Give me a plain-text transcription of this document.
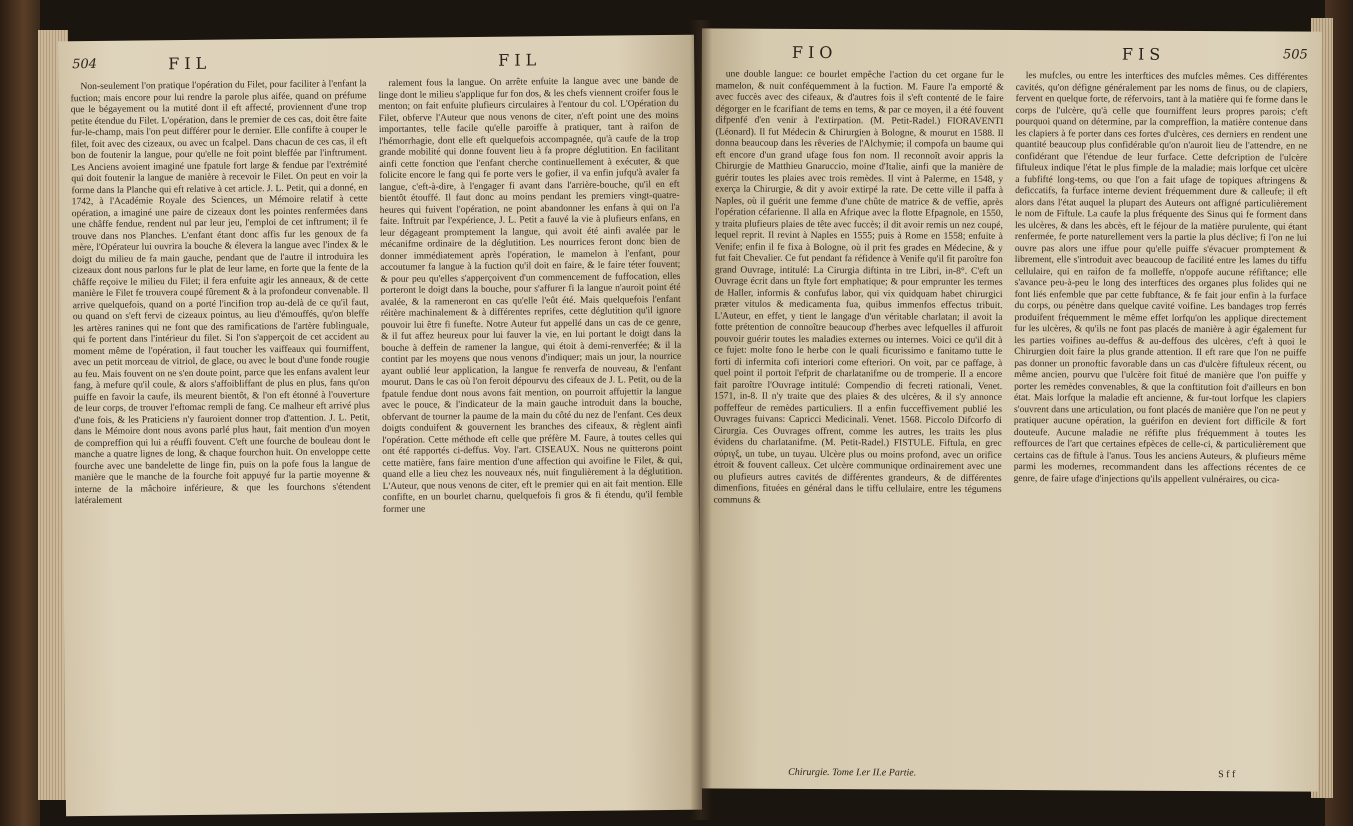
504	FIL	FIL

Non-seulement l'on pratique l'opération du Filet, pour faciliter à l'enfant la fuction; mais encore pour lui rendre la parole plus aifée, quand on préfume que le bégayement ou la mutité dont il eft affecté, proviennent d'une trop petite étendue du Filet. L'opération, dans le premier de ces cas, doit être faite fur-le-champ, mais l'on peut différer pour le dernier. Elle confifte à couper le filet, foit avec des cizeaux, ou avec un fcalpel. Dans chacun de ces cas, il eft bon de foutenir la langue, pour qu'elle ne foit point bleffée par l'inftrument. Les Anciens avoient imaginé une fpatule fort large & fendue par l'extrémité qui doit foutenir la langue de manière à recevoir le Filet. On peut en voir la forme dans la Planche qui eft relative à cet article. J. L. Petit, qui a donné, en 1742, à l'Académie Royale des Sciences, un Mémoire relatif à cette opération, a imaginé une paire de cizeaux dont les pointes renfermées dans une châffe fendue, rendent nul par leur jeu, l'emploi de cet inftrument; il fe trouve dans nos Planches. L'enfant étant donc affis fur les genoux de fa mère, l'Opérateur lui ouvrira la bouche & élevera la langue avec l'index & le doigt du milieu de fa main gauche, pendant que de l'autre il introduira les cizeaux dont nous parlons fur le plat de leur lame, en forte que la fente de la châffe reçoive le milieu du Filet; il fera enfuite agir les anneaux, & de cette manière le Filet fe trouvera coupé fûrement & à la profondeur convenable. Il arrive quelquefois, quand on a porté l'incifion trop au-delà de ce qu'il faut, ou quand on s'eft fervi de cizeaux pointus, au lieu d'émouffés, qu'on bleffe les artères ranines qui ne font que des ramifications de l'artère fublinguale, qui fe portent dans l'intérieur du filet. Si l'on s'apperçoit de cet accident au moment même de l'opération, il faut toucher les vaiffeaux qui fourniffent, avec un petit morceau de vitriol, de glace, ou avec le bout d'une fonde rougie au feu. Mais fouvent on ne s'en doute point, parce que les enfans avalent leur fang, à mefure qu'il coule, & alors s'affoibliffant de plus en plus, fans qu'on puiffe en favoir la caufe, ils meurent bientôt, & l'on eft étonné à l'ouverture de leur corps, de trouver l'eftomac rempli de fang. Ce malheur eft arrivé plus d'une fois, & les Praticiens n'y fauroient donner trop d'attention. J. L. Petit, dans le Mémoire dont nous avons parlé plus haut, fait mention d'un moyen de compreffion qui lui a réuffi fouvent. C'eft une fourche de bouleau dont le manche a quatre lignes de long, & chaque fourchon huit. On enveloppe cette fourche avec une bandelette de linge fin, puis on la pofe fous la langue de manière que le manche de la fourche foit appuyé fur la partie moyenne & interne de la mâchoire inférieure, & que les fourchons s'étendent latéralement

ralement fous la langue. On arrête enfuite la langue avec une bande de linge dont le milieu s'applique fur fon dos, & les chefs viennent croifer fous le menton; on fait enfuite plufieurs circulaires à l'entour du col. L'Opération du Filet, obferve l'Auteur que nous venons de citer, n'eft point une des moins importantes, telle facile qu'elle paroiffe à pratiquer, tant à raifon de l'hémorrhagie, dont elle eft quelquefois accompagnée, qu'à caufe de la trop grande mobilité qui donne fouvent lieu à fa propre déglutition. En facilitant ainfi cette fonction que l'enfant cherche continuellement à exécuter, & que folicite encore le fang qui fe porte vers le gofier, il va enfin jufqu'à avaler fa langue, c'eft-à-dire, à l'engager fi avant dans l'arrière-bouche, qu'il en eft bientôt étouffé. Il faut donc au moins pendant les premiers vingt-quatre-heures qui fuivent l'opération, ne point abandonner les enfans à qui on l'a faite. Inftruit par l'expérience, J. L. Petit a fauvé la vie à plufieurs enfans, en leur dégageant promptement la langue, qui avoit été ainfi avalée par le mécanifme ordinaire de la déglutition. Les nourrices feront donc bien de donner immédiatement après l'opération, le mamelon à l'enfant, pour accoutumer fa langue à la fuction qu'il doit en faire, & le faire téter fouvent; & pour peu qu'elles s'apperçoivent d'un commencement de fuffocation, elles porteront le doigt dans la bouche, pour s'affurer fi la langue n'auroit point été avalée, & la rameneront en cas qu'elle l'eût été. Mais quelquefois l'enfant réitère machinalement & à différentes reprifes, cette déglutition qu'il ignore pouvoir lui être fi funefte. Notre Auteur fut appellé dans un cas de ce genre, & il fut affez heureux pour lui fauver la vie, en lui portant le doigt dans la bouche à deffein de ramener la langue, qui étoit à demi-renverfée; & il la contint par les moyens que nous venons d'indiquer; mais un jour, la nourrice ayant oublié leur application, la langue fe renverfa de nouveau, & l'enfant mourut. Dans le cas où l'on feroit dépourvu des cifeaux de J. L. Petit, ou de la fpatule fendue dont nous avons fait mention, on pourroit affujettir la langue avec le pouce, & l'indicateur de la main gauche introduit dans la bouche, obfervant de tourner la paume de la main du côté du nez de l'enfant. Ces deux doigts conduifent & gouvernent les branches des cifeaux, & règlent ainfi l'opération. Cette méthode eft celle que préfère M. Faure, à toutes celles qui ont été rapportés ci-deffus. Voy. l'art. CISEAUX. Nous ne quitterons point cette matière, fans faire mention d'une affection qui avoifine le Filet, & qui, quand elle a lieu chez les nouveaux nés, nuit fingulièrement à la déglutition. L'Auteur, que nous venons de citer, eft le premier qui en ait fait mention. Elle confifte, en un bourlet charnu, quelquefois fi gros & fi étendu, qu'il femble former une

FIO	FIS	505

une double langue: ce bourlet empêche l'action du cet organe fur le mamelon, & nuit conféquemment à la fuction. M. Faure l'a emporté & avec fuccès avec des cifeaux, & d'autres fois il s'eft contenté de le faire dégorger en le fcarifiant de tems en tems, & par ce moyen, il a été fouvent difpenfé d'en venir à l'extirpation. (M. Petit-Radel.) FIORAVENTI (Léonard). Il fut Médecin & Chirurgien à Bologne, & mourut en 1588. Il donna beaucoup dans les rêveries de l'Alchymie; il compofa un baume qui eft encore d'un grand ufage fous fon nom. Il reconnoît avoir appris la Chirurgie de Matthieu Gnaruccio, moine d'Italie, ainfi que la manière de guérir toutes les plaies avec trois remèdes. Il vint à Palerme, en 1548, y exerça la Chirurgie, & dit y avoir extirpé la rate. De cette ville il paffa à Naples, où il guérit une femme d'une chûte de matrice & de veffie, après l'opération céfarienne. Il alla en Afrique avec la flotte Efpagnole, en 1550, y traita plufieurs plaies de tête avec fuccès; il dit avoir remis un nez coupé, lequel reprit. Il revint à Naples en 1555; puis à Rome en 1558; enfuite à Venife; enfin il fe fixa à Bologne, où il prit fes grades en Médecine, & y fut fait Chevalier. Ce fut pendant fa réfidence à Venife qu'il fit paroître fon grand Ouvrage, intitulé: La Cirurgia diftinta in tre Libri, in-8°. C'eft un Ouvrage écrit dans un ftyle fort emphatique; & pour emprunter les termes de Haller, informis & confufus labor, qui vix quidquam habet chirurgici præter vitulos & medicamenta fua, quibus immenfos effectus tribuit. L'Auteur, en effet, y tient le langage d'un véritable charlatan; il avoit la fotte prétention de connoître beaucoup d'herbes avec lefquelles il affuroit pouvoir guérir toutes les maladies externes ou internes. Voici ce qu'il dit à ce fujet: molte fono le herbe con le quali ficurissimo e fanitamo tutte le forti di infermita cofi interiori come efteriori. On voit, par ce paffage, à quel point il portoit l'efprit de charlatanifme ou de tromperie. Il a encore fait paroître l'Ouvrage intitulé: Compendio di fecreti rationali, Venet. 1571, in-8. Il n'y traite que des plaies & des ulcères, & il s'y annonce poffeffeur de remèdes particuliers. Il a enfin fucceffivement publié les Ouvrages fuivans: Capricci Medicinali. Venet. 1568. Piccolo Difcorfo di Cirurgia. Ces Ouvrages offrent, comme les autres, les traits les plus évidens du charlatanifme. (M. Petit-Radel.) FISTULE. Fiftula, en grec σύριγξ, un tube, un tuyau. Ulcère plus ou moins profond, avec un orifice étroit & fouvent calleux. Cet ulcère communique ordinairement avec une ou plufieurs autres cavités de différentes grandeurs, & de différentes dimenfions, fituées en général dans le tiffu cellulaire, entre les tégumens communs &

les mufcles, ou entre les interftices des mufcles mêmes. Ces différentes cavités, qu'on défigne généralement par les noms de finus, ou de clapiers, fervent en quelque forte, de réfervoirs, tant à la matière qui fe forme dans le corps de l'ulcère, qu'à celle que fourniffent leurs propres parois; c'eft pourquoi quand on détermine, par la compreffion, la matière contenue dans les clapiers à fe porter dans ces fortes d'ulcères, ces derniers en rendent une quantité beaucoup plus confidérable qu'on n'auroit lieu de l'attendre, en ne confidérant que l'étendue de leur furface. Cette defcription de l'ulcère fiftuleux indique l'état le plus fimple de la maladie; mais lorfque cet ulcère a fubfifté long-tems, ou que l'on a fait ufage de topiques aftringens & deficcatifs, fa furface interne devient fréquemment dure & calleufe; il eft alors dans l'état auquel la plupart des Auteurs ont affigné particulièrement le nom de Fiftule. La caufe la plus fréquente des Sinus qui fe forment dans les ulcères, & dans les abcès, eft le féjour de la matière purulente, qui étant renfermée, fe porte naturellement vers la partie la plus déclive; fi l'on ne lui ouvre pas alors une iffue pour qu'elle puiffe s'évacuer promptement & librement, elle s'introduit avec beaucoup de facilité entre les lames du tiffu cellulaire, qui en raifon de fa molleffe, n'oppofe aucune réfiftance; elle s'avance peu-à-peu le long des interftices des organes plus folides qui ne font liés enfemble que par cette fubftance, & fe fait jour enfin à la furface du corps, ou pénètre dans quelque cavité voifine. Les bandages trop ferrés produifent fréquemment le même effet lorfqu'on les applique directement fur les ulcères, & qu'ils ne font pas placés de manière à agir également fur les parties voifines au-deffus & au-deffous des ulcères, c'eft à quoi le Chirurgien doit faire la plus grande attention. Il eft rare que l'on ne puiffe pas donner un pronoftic favorable dans un cas d'ulcère fiftuleux récent, ou même ancien, pourvu que l'ulcère foit fitué de manière que l'on puiffe y porter les remèdes convenables, & que la conftitution foit d'ailleurs en bon état. Mais lorfque la maladie eft ancienne, & fur-tout lorfque les clapiers s'ouvrent dans une articulation, ou font placés de manière que l'on ne peut y pratiquer aucune opération, la guérifon en devient fort difficile & fort douteufe. Aucune maladie ne réfifte plus fréquemment à toutes les reffources de l'art que certaines efpèces de celle-ci, & particulièrement que certains cas de fiftule à l'anus. Tous les anciens Auteurs, & plufieurs même parmi les modernes, recommandent dans les affections récentes de ce genre, de faire ufage d'injections qu'ils appellent vulnéraires, ou cica-

Chirurgie. Tome I.er II.e Partie.	S f f
